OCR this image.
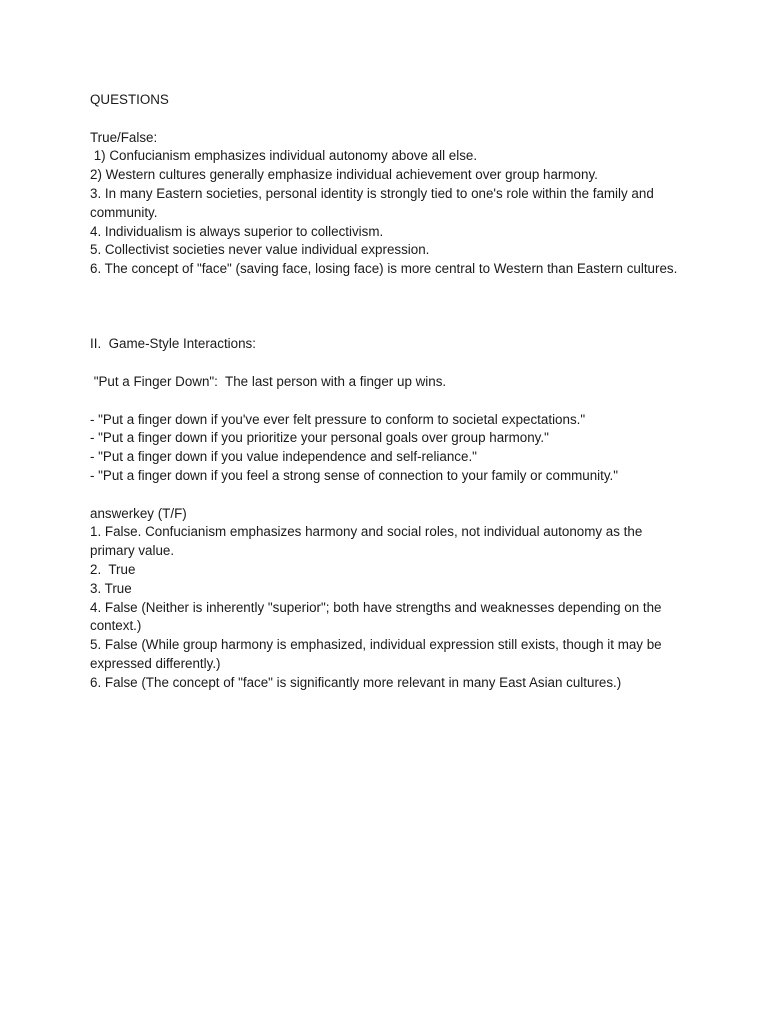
QUESTIONS
True/False:
1) Confucianism emphasizes individual autonomy above all else.
2) Western cultures generally emphasize individual achievement over group harmony.
3. In many Eastern societies, personal identity is strongly tied to one's role within the family and community.
4. Individualism is always superior to collectivism.
5. Collectivist societies never value individual expression.
6. The concept of "face" (saving face, losing face) is more central to Western than Eastern cultures.
II.  Game-Style Interactions:
"Put a Finger Down":  The last person with a finger up wins.
- "Put a finger down if you've ever felt pressure to conform to societal expectations."
- "Put a finger down if you prioritize your personal goals over group harmony."
- "Put a finger down if you value independence and self-reliance."
- "Put a finger down if you feel a strong sense of connection to your family or community."
answerkey (T/F)
1. False. Confucianism emphasizes harmony and social roles, not individual autonomy as the primary value.
2.  True
3. True
4. False (Neither is inherently "superior"; both have strengths and weaknesses depending on the context.)
5. False (While group harmony is emphasized, individual expression still exists, though it may be expressed differently.)
6. False (The concept of "face" is significantly more relevant in many East Asian cultures.)
